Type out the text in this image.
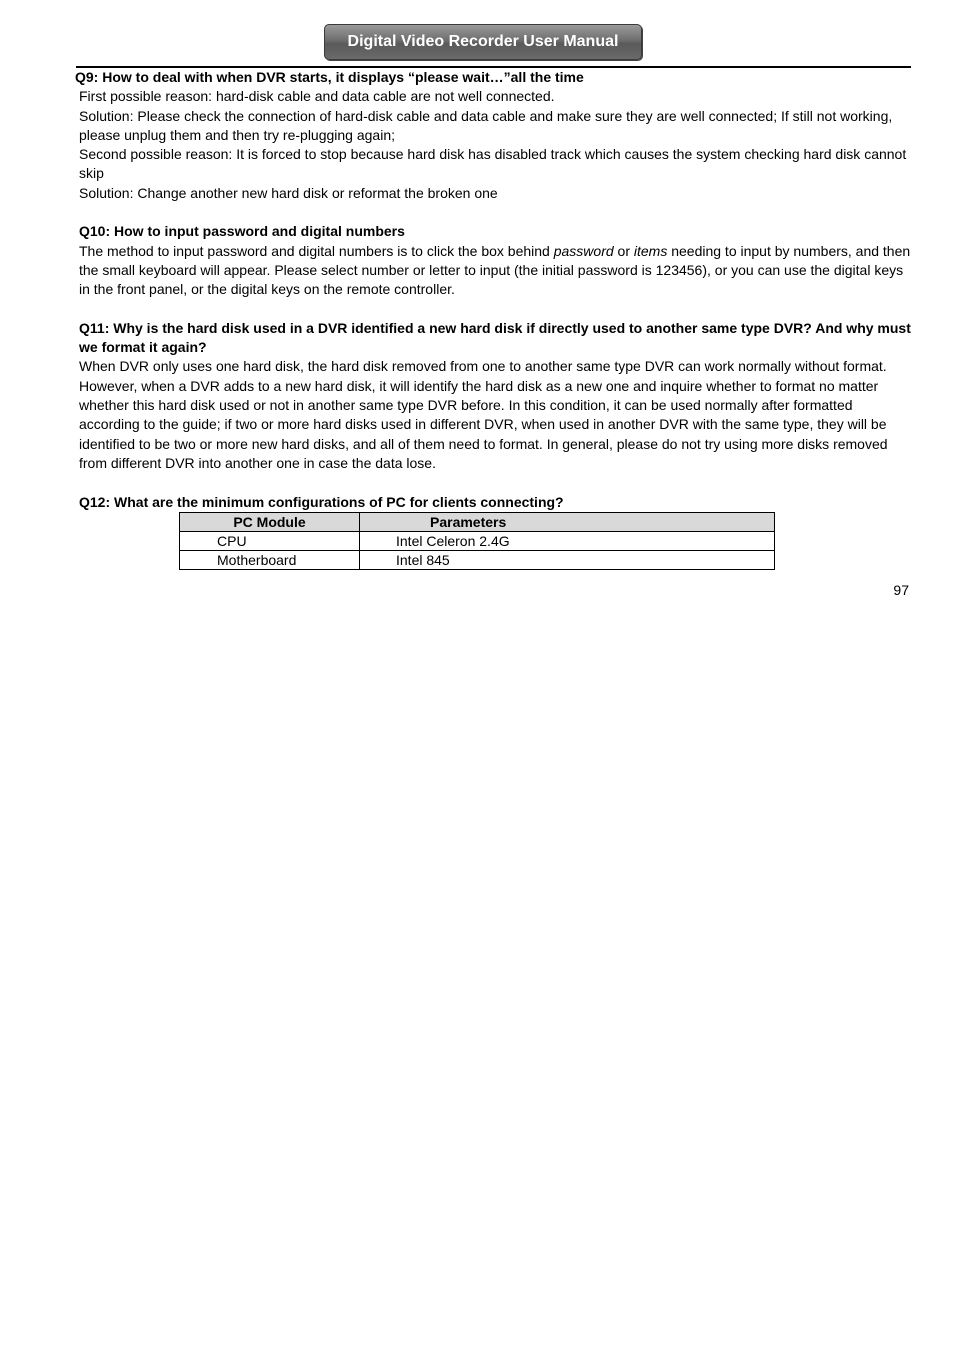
Digital Video Recorder User Manual
Q9: How to deal with when DVR starts, it displays “please wait…”all the time

First possible reason: hard-disk cable and data cable are not well connected.

Solution: Please check the connection of hard-disk cable and data cable and make sure they are well connected; If still not working, please unplug them and then try re-plugging again;

Second possible reason: It is forced to stop because hard disk has disabled track which causes the system checking hard disk cannot skip

Solution: Change another new hard disk or reformat the broken one

Q10: How to input password and digital numbers

The method to input password and digital numbers is to click the box behind password or items needing to input by numbers, and then the small keyboard will appear. Please select number or letter to input (the initial password is 123456), or you can use the digital keys in the front panel, or the digital keys on the remote controller.

Q11: Why is the hard disk used in a DVR identified a new hard disk if directly used to another same type DVR? And why must we format it again?

When DVR only uses one hard disk, the hard disk removed from one to another same type DVR can work normally without format. However, when a DVR adds to a new hard disk, it will identify the hard disk as a new one and inquire whether to format no matter whether this hard disk used or not in another same type DVR before. In this condition, it can be used normally after formatted according to the guide; if two or more hard disks used in different DVR, when used in another DVR with the same type, they will be identified to be two or more new hard disks, and all of them need to format. In general, please do not try using more disks removed from different DVR into another one in case the data lose.

Q12: What are the minimum configurations of PC for clients connecting?
PC Module	Parameters
CPU	Intel Celeron 2.4G
Motherboard	Intel 845
97
